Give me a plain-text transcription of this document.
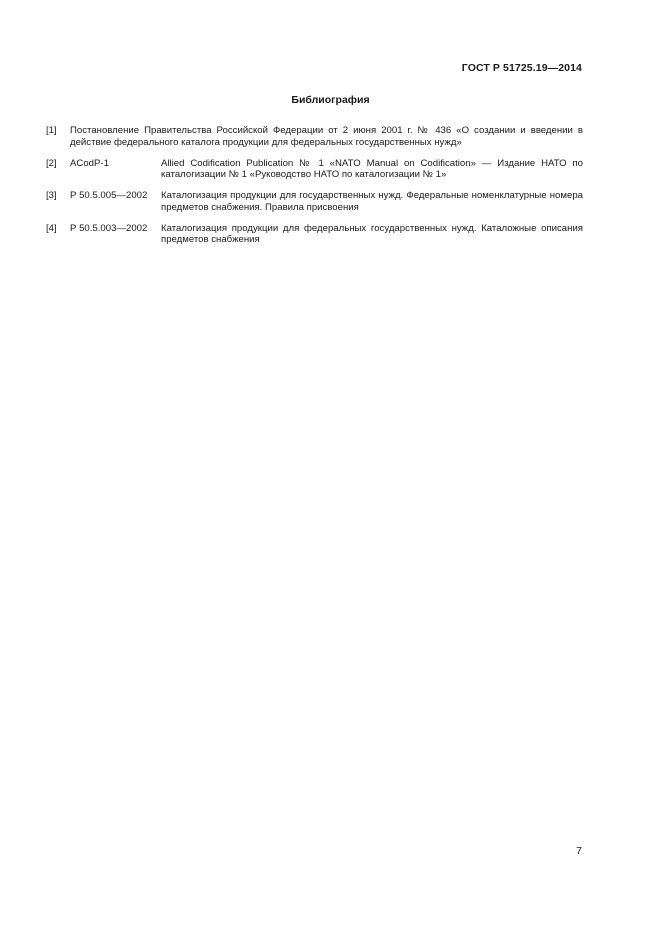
ГОСТ Р 51725.19—2014
Библиография
[1] Постановление Правительства Российской Федерации от 2 июня 2001 г. № 436 «О создании и введении в действие федерального каталога продукции для федеральных государственных нужд»
[2] ACodP-1	Allied Codification Publication № 1 «NATO Manual on Codification» — Издание НАТО по каталогизации № 1 «Руководство НАТО по каталогизации № 1»
[3] Р 50.5.005—2002 Каталогизация продукции для государственных нужд. Федеральные номенклатурные номера предметов снабжения. Правила присвоения
[4] Р 50.5.003—2002 Каталогизация продукции для федеральных государственных нужд. Каталожные описания предметов снабжения
7
